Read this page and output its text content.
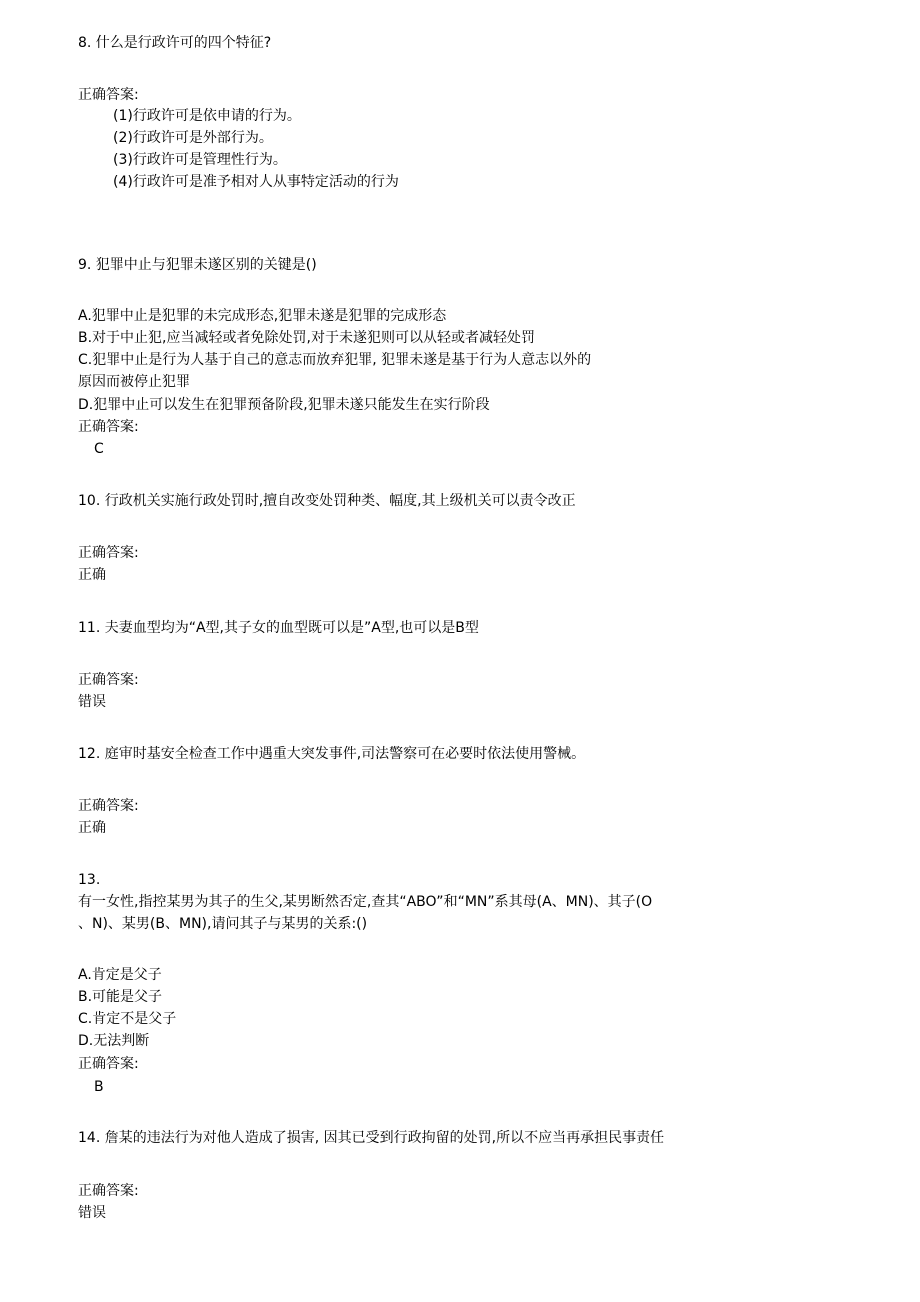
8. 什么是行政许可的四个特征?
正确答案:
(1)行政许可是依申请的行为。
(2)行政许可是外部行为。
(3)行政许可是管理性行为。
(4)行政许可是准予相对人从事特定活动的行为
9. 犯罪中止与犯罪未遂区别的关键是()
A.犯罪中止是犯罪的未完成形态,犯罪未遂是犯罪的完成形态
B.对于中止犯,应当减轻或者免除处罚,对于未遂犯则可以从轻或者减轻处罚
C.犯罪中止是行为人基于自己的意志而放弃犯罪, 犯罪未遂是基于行为人意志以外的
原因而被停止犯罪
D.犯罪中止可以发生在犯罪预备阶段,犯罪未遂只能发生在实行阶段
正确答案:
C
10. 行政机关实施行政处罚时,擅自改变处罚种类、幅度,其上级机关可以责令改正
正确答案:
正确
11. 夫妻血型均为“A型,其子女的血型既可以是”A型,也可以是B型
正确答案:
错误
12. 庭审时基安全检查工作中遇重大突发事件,司法警察可在必要时依法使用警械。
正确答案:
正确
13.
有一女性,指控某男为其子的生父,某男断然否定,查其“ABO”和“MN”系其母(A、MN)、其子(O
、N)、某男(B、MN),请问其子与某男的关系:()
A.肯定是父子
B.可能是父子
C.肯定不是父子
D.无法判断
正确答案:
B
14. 詹某的违法行为对他人造成了损害, 因其已受到行政拘留的处罚,所以不应当再承担民事责任
正确答案:
错误
